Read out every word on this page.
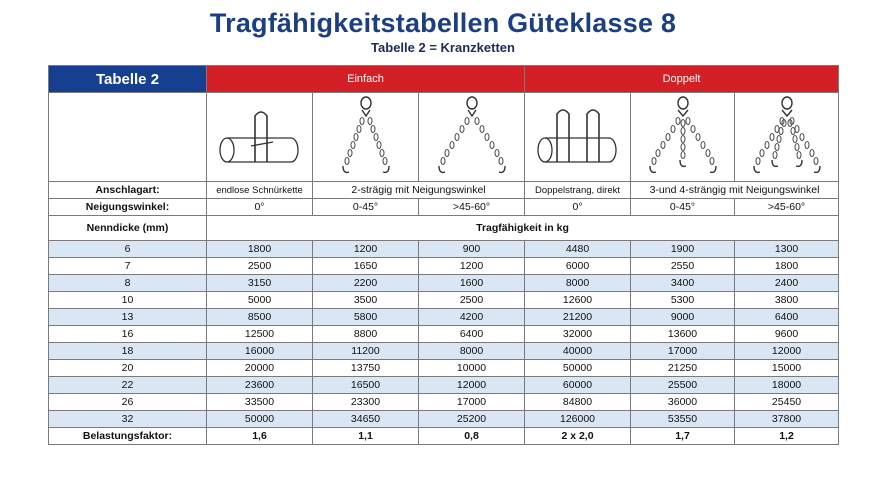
Tragfähigkeitstabellen Güteklasse 8
Tabelle 2 = Kranzketten
Tabelle 2	Einfach			Doppelt		

Anschlagart:	endlose Schnürkette	2-strägig mit Neigungswinkel		Doppelstrang, direkt	3-und 4-strängig mit Neigungswinkel	
Neigungswinkel:	0°	0-45°	>45-60°	0°	0-45°	>45-60°
Nenndicke (mm)	Tragfähigkeit in kg					
6	1800	1200	900	4480	1900	1300
7	2500	1650	1200	6000	2550	1800
8	3150	2200	1600	8000	3400	2400
10	5000	3500	2500	12600	5300	3800
13	8500	5800	4200	21200	9000	6400
16	12500	8800	6400	32000	13600	9600
18	16000	11200	8000	40000	17000	12000
20	20000	13750	10000	50000	21250	15000
22	23600	16500	12000	60000	25500	18000
26	33500	23300	17000	84800	36000	25450
32	50000	34650	25200	126000	53550	37800
Belastungsfaktor:	1,6	1,1	0,8	2 x 2,0	1,7	1,2
